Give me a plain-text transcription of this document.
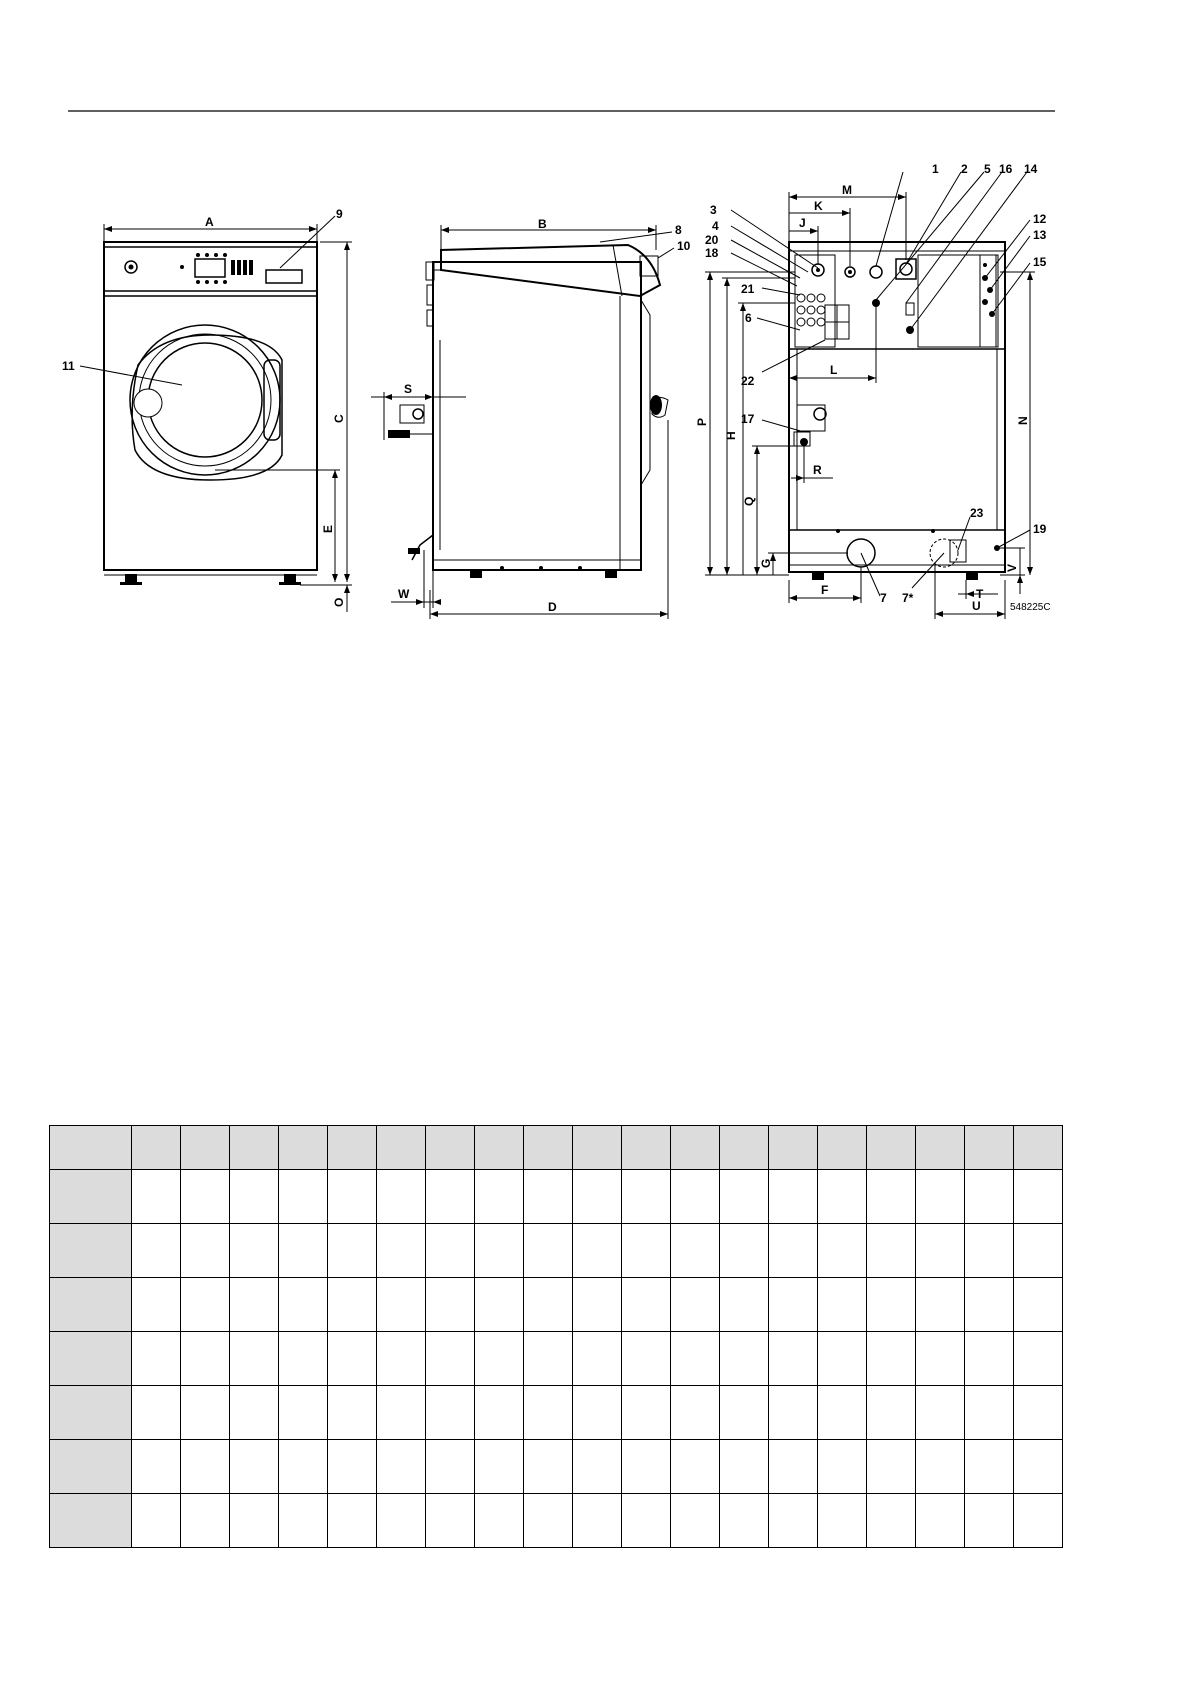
A
C
E
O
9
11
B
D
S
W
8
10
M
K
J
L
R
P
H
Q
G
F
N
V
T
U
1 2 5 16 14
3
4
20
18
21
6
22
17
12
13
15
19
23
7 7*
548225C
